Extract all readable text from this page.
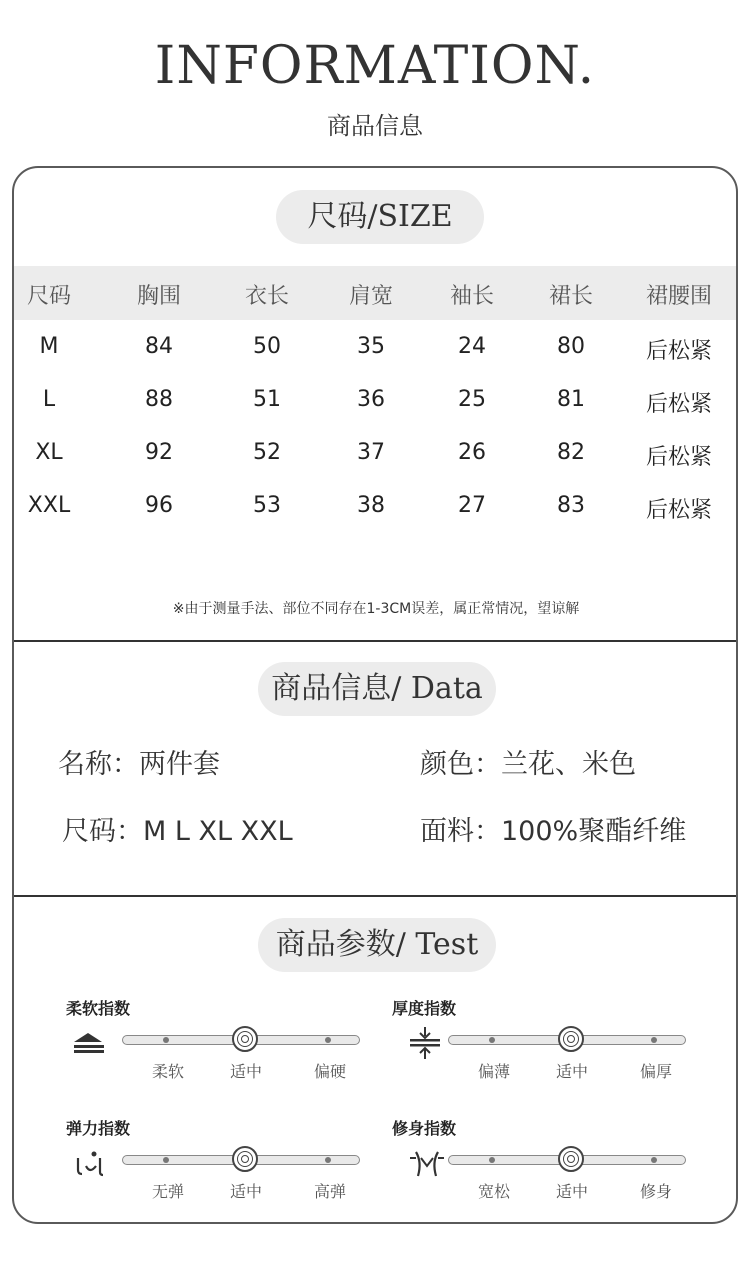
INFORMATION.
商品信息
尺码/SIZE
尺码	胸围	衣长	肩宽	袖长	裙长	裙腰围
M	84	50	35	24	80	后松紧
L	88	51	36	25	81	后松紧
XL	92	52	37	26	82	后松紧
XXL	96	53	38	27	83	后松紧
※由于测量手法、部位不同存在1-3CM误差，属正常情况，望谅解
商品信息/ Data
名称：两件套	颜色：兰花、米色
尺码：M L XL XXL	面料：100%聚酯纤维
商品参数/ Test
柔软指数
柔软	适中	偏硬
厚度指数
偏薄	适中	偏厚
弹力指数
无弹	适中	高弹
修身指数
宽松	适中	修身
